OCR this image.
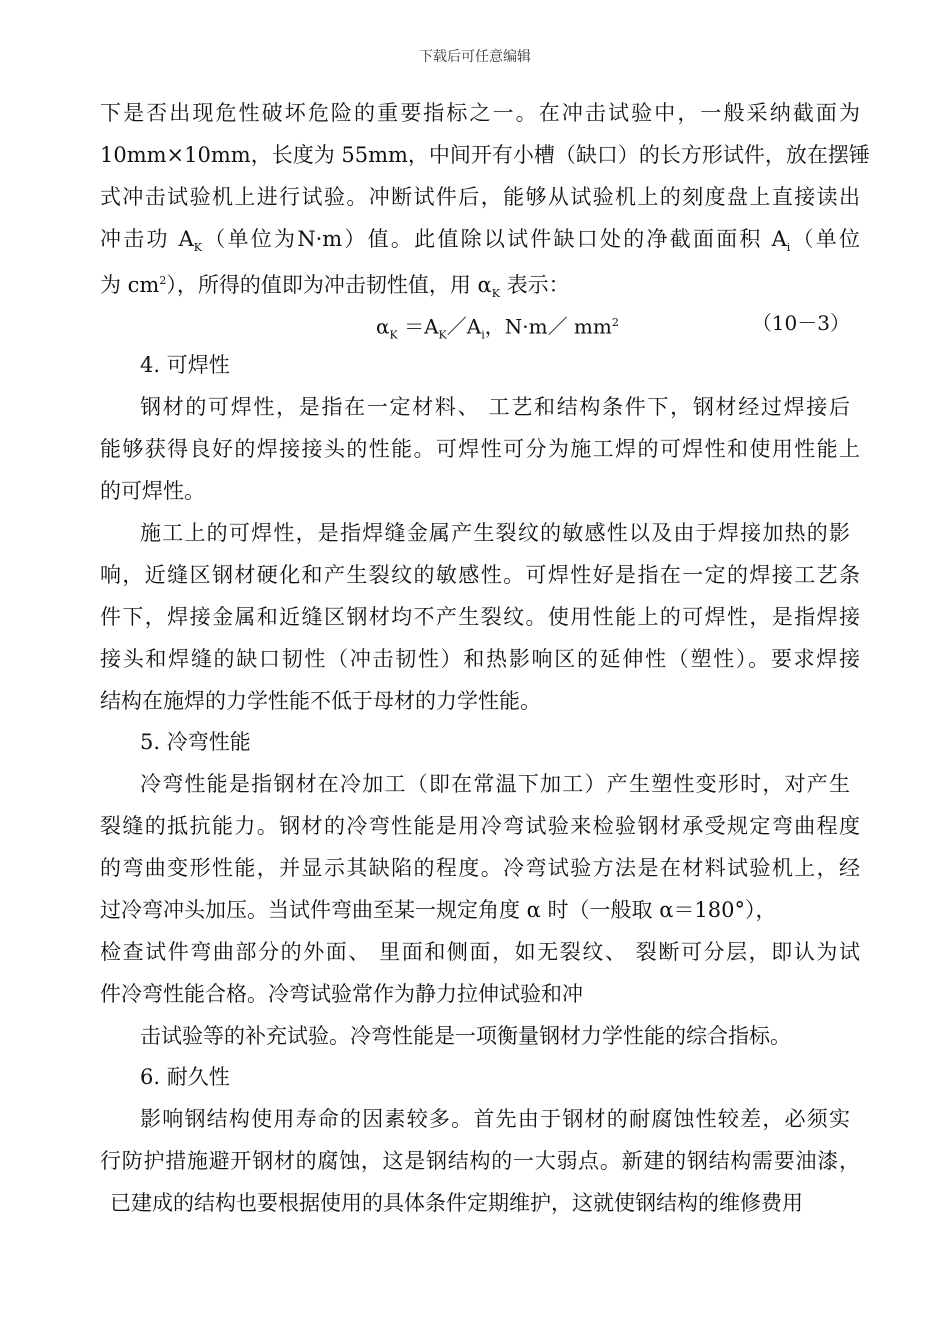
下载后可任意编辑
下是否出现危性破坏危险的重要指标之一。在冲击试验中，一般采纳截面为
10mm×10mm，长度为 55mm，中间开有小槽（缺口）的长方形试件，放在摆锤
式冲击试验机上进行试验。冲断试件后，能够从试验机上的刻度盘上直接读出
冲击功 $A_K$（单位为N·m）值。此值除以试件缺口处的净截面面积 $A_i$（单位
为 $cm^2$），所得的值即为冲击韧性值，用 $\alpha_K$ 表示：
$\alpha_K$ $=A_K/A_i$，N·m／ $mm^2$	（10－3）
4. 可焊性
钢材的可焊性，是指在一定材料、 工艺和结构条件下，钢材经过焊接后
能够获得良好的焊接接头的性能。可焊性可分为施工焊的可焊性和使用性能上
的可焊性。
施工上的可焊性，是指焊缝金属产生裂纹的敏感性以及由于焊接加热的影
响，近缝区钢材硬化和产生裂纹的敏感性。可焊性好是指在一定的焊接工艺条
件下，焊接金属和近缝区钢材均不产生裂纹。使用性能上的可焊性，是指焊接
接头和焊缝的缺口韧性（冲击韧性）和热影响区的延伸性（塑性）。要求焊接
结构在施焊的力学性能不低于母材的力学性能。
5. 冷弯性能
冷弯性能是指钢材在冷加工（即在常温下加工）产生塑性变形时，对产生
裂缝的抵抗能力。钢材的冷弯性能是用冷弯试验来检验钢材承受规定弯曲程度
的弯曲变形性能，并显示其缺陷的程度。冷弯试验方法是在材料试验机上，经
过冷弯冲头加压。当试件弯曲至某一规定角度 α 时（一般取 α＝180°），
检查试件弯曲部分的外面、 里面和侧面，如无裂纹、 裂断可分层，即认为试
件冷弯性能合格。冷弯试验常作为静力拉伸试验和冲
击试验等的补充试验。冷弯性能是一项衡量钢材力学性能的综合指标。
6. 耐久性
影响钢结构使用寿命的因素较多。首先由于钢材的耐腐蚀性较差，必须实
行防护措施避开钢材的腐蚀，这是钢结构的一大弱点。新建的钢结构需要油漆，
已建成的结构也要根据使用的具体条件定期维护，这就使钢结构的维修费用
